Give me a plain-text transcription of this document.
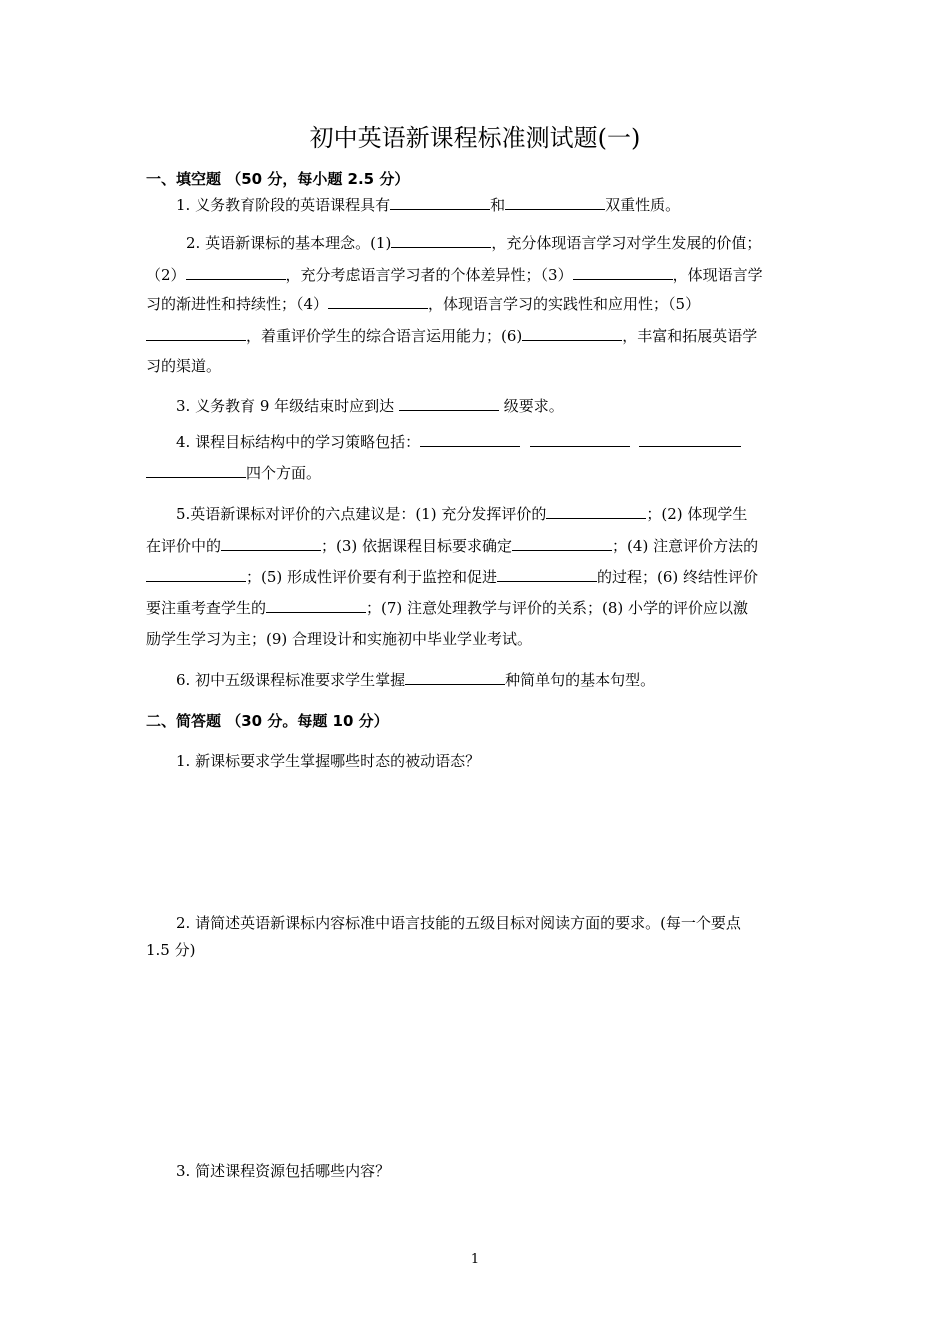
初中英语新课程标准测试题(一)
一、填空题 （50 分，每小题 2.5 分）
1. 义务教育阶段的英语课程具有	和	双重性质。
2. 英语新课标的基本理念。(1)	，充分体现语言学习对学生发展的价值；
（2）	，充分考虑语言学习者的个体差异性；（3）	，体现语言学
习的渐进性和持续性；（4）	，体现语言学习的实践性和应用性；（5）
，着重评价学生的综合语言运用能力；(6)	，丰富和拓展英语学
习的渠道。
3. 义务教育 9 年级结束时应到达	级要求。
4. 课程目标结构中的学习策略包括：
四个方面。
5.英语新课标对评价的六点建议是：(1) 充分发挥评价的	；(2) 体现学生
在评价中的	；(3) 依据课程目标要求确定	；(4) 注意评价方法的
；(5) 形成性评价要有利于监控和促进	的过程；(6) 终结性评价
要注重考查学生的	；(7) 注意处理教学与评价的关系；(8) 小学的评价应以激
励学生学习为主；(9) 合理设计和实施初中毕业学业考试。
6. 初中五级课程标准要求学生掌握	种简单句的基本句型。
二、简答题 （30 分。每题 10 分）
1. 新课标要求学生掌握哪些时态的被动语态？
2. 请简述英语新课标内容标准中语言技能的五级目标对阅读方面的要求。(每一个要点
1.5 分)
3. 简述课程资源包括哪些内容？
1
